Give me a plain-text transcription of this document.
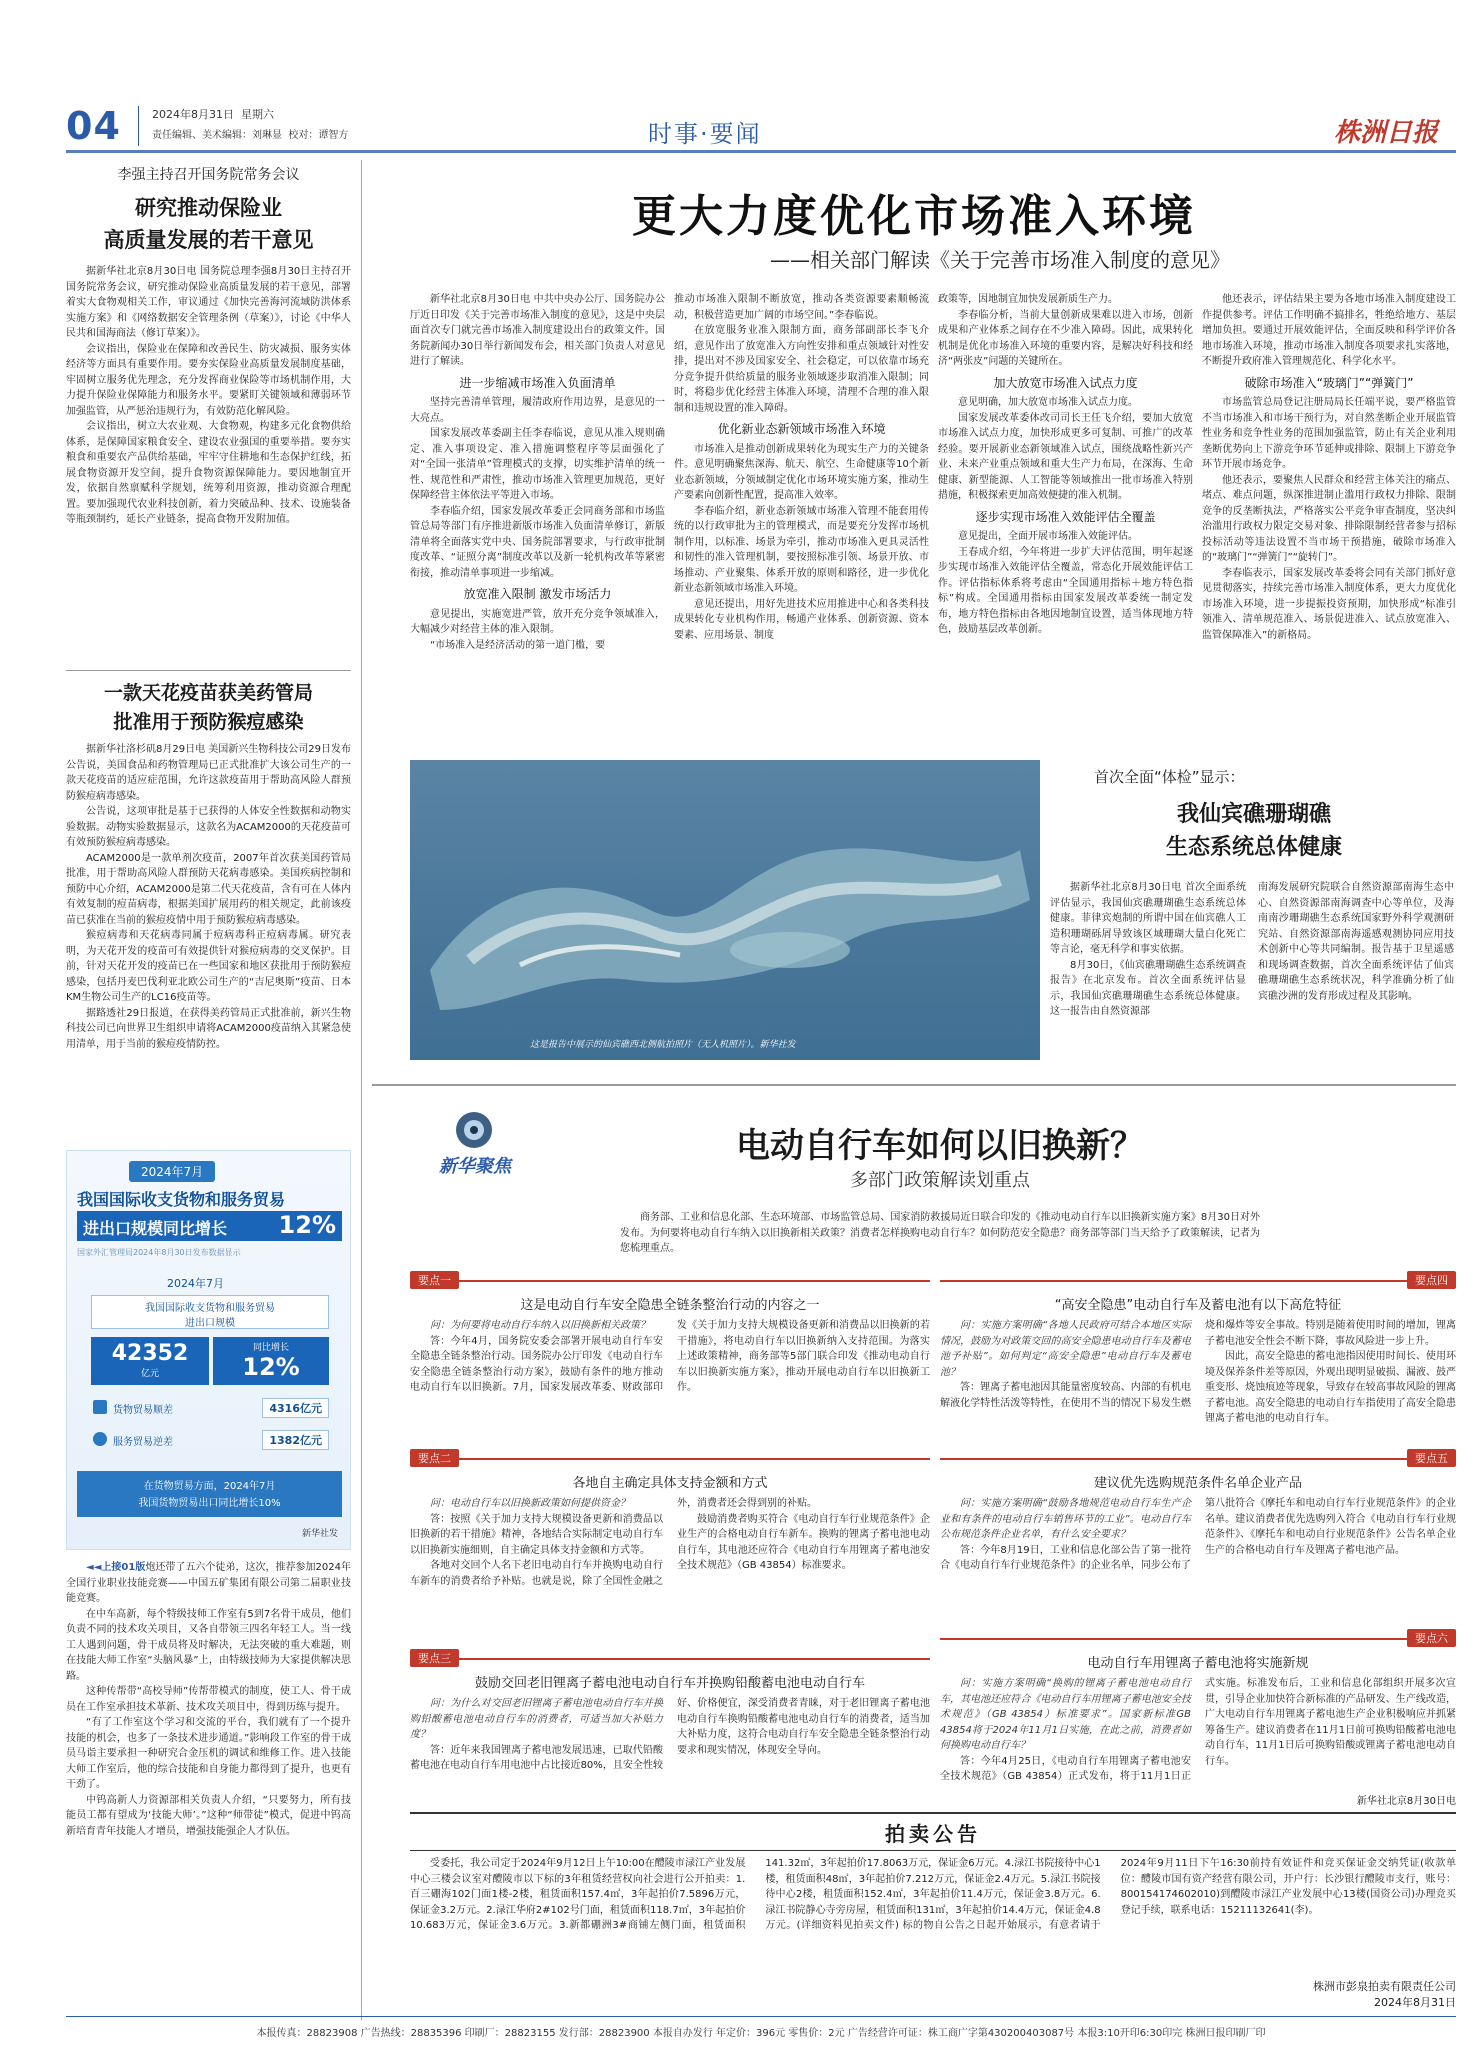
04	2024年8月31日 星期六
责任编辑、美术编辑：刘琳显 校对：谭智方	时事·要闻	株洲日报
李强主持召开国务院常务会议
研究推动保险业
高质量发展的若干意见

据新华社北京8月30日电 国务院总理李强8月30日主持召开国务院常务会议，研究推动保险业高质量发展的若干意见，部署着实大食物观相关工作，审议通过《加快完善海河流域防洪体系实施方案》和《网络数据安全管理条例（草案）》，讨论《中华人民共和国海商法（修订草案）》。

会议指出，保险业在保障和改善民生、防灾减损、服务实体经济等方面具有重要作用。要夯实保险业高质量发展制度基础，牢固树立服务优先理念，充分发挥商业保险等市场机制作用，大力提升保险业保障能力和服务水平。要紧盯关键领域和薄弱环节加强监管，从严惩治违规行为，有效防范化解风险。

会议指出，树立大农业观、大食物观，构建多元化食物供给体系，是保障国家粮食安全、建设农业强国的重要举措。要夯实粮食和重要农产品供给基础，牢牢守住耕地和生态保护红线，拓展食物资源开发空间，提升食物资源保障能力。要因地制宜开发，依据自然禀赋科学规划，统筹利用资源，推动资源合理配置。要加强现代农业科技创新，着力突破品种、技术、设施装备等瓶颈制约，延长产业链条，提高食物开发附加值。

一款天花疫苗获美药管局
批准用于预防猴痘感染

据新华社洛杉矶8月29日电 美国新兴生物科技公司29日发布公告说，美国食品和药物管理局已正式批准扩大该公司生产的一款天花疫苗的适应症范围，允许这款疫苗用于帮助高风险人群预防猴痘病毒感染。

公告说，这项审批是基于已获得的人体安全性数据和动物实验数据。动物实验数据显示，这款名为ACAM2000的天花疫苗可有效预防猴痘病毒感染。

ACAM2000是一款单剂次疫苗，2007年首次获美国药管局批准，用于帮助高风险人群预防天花病毒感染。美国疾病控制和预防中心介绍，ACAM2000是第二代天花疫苗，含有可在人体内有效复制的痘苗病毒，根据美国扩展用药的相关规定，此前该疫苗已获准在当前的猴痘疫情中用于预防猴痘病毒感染。

猴痘病毒和天花病毒同属于痘病毒科正痘病毒属。研究表明，为天花开发的疫苗可有效提供针对猴痘病毒的交叉保护。目前，针对天花开发的疫苗已在一些国家和地区获批用于预防猴痘感染，包括丹麦巴伐利亚北欧公司生产的“吉尼奥斯”疫苗、日本KM生物公司生产的LC16疫苗等。

据路透社29日报道，在获得美药管局正式批准前，新兴生物科技公司已向世界卫生组织申请将ACAM2000疫苗纳入其紧急使用清单，用于当前的猴痘疫情防控。

2024年7月
我国国际收支货物和服务贸易
进出口规模同比增长 12%
国家外汇管理局2024年8月30日发布数据显示
2024年7月
我国国际收支货物和服务贸易
进出口规模
42352
亿元
同比增长
12%
货物贸易顺差	4316亿元
服务贸易逆差	1382亿元
在货物贸易方面，2024年7月
我国货物贸易出口同比增长10%
新华社发

◄◄上接01版炮还带了五六个徒弟，这次，推荐参加2024年全国行业职业技能竞赛——中国五矿集团有限公司第二届职业技能竞赛。

在中车高新，每个特级技师工作室有5到7名骨干成员，他们负责不同的技术攻关项目，又各自带领三四名年轻工人。当一线工人遇到问题，骨干成员将及时解决，无法突破的重大难题，则在技能大师工作室“头脑风暴”上，由特级技师为大家提供解决思路。

这种传帮带“高校导师”传帮带模式的制度，使工人、骨干成员在工作室承担技术革新、技术攻关项目中，得到历练与提升。

“有了工作室这个学习和交流的平台，我们就有了一个提升技能的机会，也多了一条技术进步通道。”影响段工作室的骨干成员马诣主要承担一种研究合金压机的调试和维修工作。进入技能大师工作室后，他的综合技能和自身能力都得到了提升，也更有干劲了。

中钨高新人力资源部相关负责人介绍，“只要努力，所有技能员工都有望成为‘技能大师’。”这种“师带徒”模式，促进中钨高新培育青年技能人才增员，增强技能强企人才队伍。

更大力度优化市场准入环境
——相关部门解读《关于完善市场准入制度的意见》

新华社北京8月30日电 中共中央办公厅、国务院办公厅近日印发《关于完善市场准入制度的意见》，这是中央层面首次专门就完善市场准入制度建设出台的政策文件。国务院新闻办30日举行新闻发布会，相关部门负责人对意见进行了解读。

进一步缩减市场准入负面清单

坚持完善清单管理，履清政府作用边界，是意见的一大亮点。

国家发展改革委副主任李春临说，意见从准入规则确定、准入事项设定、准入措施调整程序等层面强化了对“全国一张清单”管理模式的支撑，切实维护清单的统一性、规范性和严肃性，推动市场准入管理更加规范，更好保障经营主体依法平等进入市场。

李春临介绍，国家发展改革委正会同商务部和市场监管总局等部门有序推进新版市场准入负面清单修订，新版清单将全面落实党中央、国务院部署要求，与行政审批制度改革、“证照分离”制度改革以及新一轮机构改革等紧密衔接，推动清单事项进一步缩减。

放宽准入限制 激发市场活力

意见提出，实施宽进严管，放开充分竞争领域准入，大幅减少对经营主体的准入限制。

“市场准入是经济活动的第一道门槛，要

推动市场准入限制不断放宽，推动各类资源要素顺畅流动，积极营造更加广阔的市场空间。”李春临说。

在放宽服务业准入限制方面，商务部副部长李飞介绍，意见作出了放宽准入方向性安排和重点领域针对性安排，提出对不涉及国家安全、社会稳定，可以依靠市场充分竞争提升供给质量的服务业领域逐步取消准入限制；同时，将稳步优化经营主体准入环境，清理不合理的准入限制和违规设置的准入障碍。

优化新业态新领域市场准入环境

市场准入是推动创新成果转化为现实生产力的关键条件。意见明确聚焦深海、航天、航空、生命健康等10个新业态新领域，分领域制定优化市场环境实施方案，推动生产要素向创新性配置，提高准入效率。

李春临介绍，新业态新领域市场准入管理不能套用传统的以行政审批为主的管理模式，而是要充分发挥市场机制作用，以标准、场景为牵引，推动市场准入更具灵活性和韧性的准入管理机制，要按照标准引领、场景开放、市场推动、产业聚集、体系开放的原则和路径，进一步优化新业态新领域市场准入环境。

意见还提出，用好先进技术应用推进中心和各类科技成果转化专业机构作用，畅通产业体系、创新资源、资本要素、应用场景、制度

政策等，因地制宜加快发展新质生产力。

李春临分析，当前大量创新成果难以进入市场，创新成果和产业体系之间存在不少准入障碍。因此，成果转化机制是优化市场准入环境的重要内容，是解决好科技和经济“两张皮”问题的关键所在。

加大放宽市场准入试点力度

意见明确，加大放宽市场准入试点力度。

国家发展改革委体改司司长王任飞介绍，要加大放宽市场准入试点力度，加快形成更多可复制、可推广的改革经验。要开展新业态新领域准入试点，围绕战略性新兴产业、未来产业重点领域和重大生产力布局，在深海、生命健康、新型能源、人工智能等领域推出一批市场准入特别措施，积极探索更加高效便捷的准入机制。

逐步实现市场准入效能评估全覆盖

意见提出，全面开展市场准入效能评估。

王春成介绍，今年将进一步扩大评估范围，明年起逐步实现市场准入效能评估全覆盖，常态化开展效能评估工作。评估指标体系将考虑由“全国通用指标＋地方特色指标”构成。全国通用指标由国家发展改革委统一制定发布，地方特色指标由各地因地制宜设置，适当体现地方特色，鼓励基层改革创新。

他还表示，评估结果主要为各地市场准入制度建设工作提供参考。评估工作明确不搞排名，牲绝给地方、基层增加负担。要通过开展效能评估，全面反映和科学评价各地市场准入环境，推动市场准入制度各项要求扎实落地，不断提升政府准入管理规范化、科学化水平。

破除市场准入“玻璃门”“弹簧门”

市场监管总局登记注册局局长任端平说，要严格监管不当市场准入和市场干预行为，对自然垄断企业开展监管性业务和竞争性业务的范围加强监管，防止有关企业利用垄断优势向上下游竞争环节延伸或排除、限制上下游竞争环节开展市场竞争。

他还表示，要聚焦人民群众和经营主体关注的痛点、堵点、难点问题，纵深推进制止滥用行政权力排除、限制竞争的反垄断执法，严格落实公平竞争审查制度，坚决纠治滥用行政权力限定交易对象、排除限制经营者参与招标投标活动等违法设置不当市场干预措施，破除市场准入的“玻璃门”“弹簧门”“旋转门”。

李春临表示，国家发展改革委将会同有关部门抓好意见贯彻落实，持续完善市场准入制度体系，更大力度优化市场准入环境，进一步提振投资预期，加快形成“标准引领准入、清单规范准入、场景促进准入、试点放宽准入、监管保障准入”的新格局。

这是报告中展示的仙宾礁西北侧航拍照片（无人机照片）。新华社发
首次全面“体检”显示：
我仙宾礁珊瑚礁
生态系统总体健康

据新华社北京8月30日电 首次全面系统评估显示，我国仙宾礁珊瑚礁生态系统总体健康。菲律宾炮制的所谓中国在仙宾礁人工造积珊瑚砾屑导致该区域珊瑚大量白化死亡等言论，毫无科学和事实依据。

8月30日，《仙宾礁珊瑚礁生态系统调查报告》在北京发布。首次全面系统评估显示，我国仙宾礁珊瑚礁生态系统总体健康。这一报告由自然资源部

南海发展研究院联合自然资源部南海生态中心、自然资源部南海调查中心等单位，及海南南沙珊瑚礁生态系统国家野外科学观测研究站、自然资源部南海遥感观测协同应用技术创新中心等共同编制。报告基于卫星遥感和现场调查数据，首次全面系统评估了仙宾礁珊瑚礁生态系统状况，科学准确分析了仙宾礁沙洲的发育形成过程及其影响。

新华聚焦
电动自行车如何以旧换新？
多部门政策解读划重点
商务部、工业和信息化部、生态环境部、市场监管总局、国家消防救援局近日联合印发的《推动电动自行车以旧换新实施方案》8月30日对外发布。为何要将电动自行车纳入以旧换新相关政策？消费者怎样换购电动自行车？如何防范安全隐患？商务部等部门当天给予了政策解读，记者为您梳理重点。
要点一
这是电动自行车安全隐患全链条整治行动的内容之一

问：为何要将电动自行车纳入以旧换新相关政策？

答：今年4月，国务院安委会部署开展电动自行车安全隐患全链条整治行动。国务院办公厅印发《电动自行车安全隐患全链条整治行动方案》，鼓励有条件的地方推动电动自行车以旧换新。7月，国家发展改革委、财政部印发《关于加力支持大规模设备更新和消费品以旧换新的若干措施》，将电动自行车以旧换新纳入支持范围。为落实上述政策精神，商务部等5部门联合印发《推动电动自行车以旧换新实施方案》，推动开展电动自行车以旧换新工作。

要点二
各地自主确定具体支持金额和方式

问：电动自行车以旧换新政策如何提供资金？

答：按照《关于加力支持大规模设备更新和消费品以旧换新的若干措施》精神，各地结合实际制定电动自行车以旧换新实施细则，自主确定具体支持金额和方式等。

各地对交回个人名下老旧电动自行车并换购电动自行车新车的消费者给予补贴。也就是说，除了全国性金融之外，消费者还会得到别的补贴。

鼓励消费者购买符合《电动自行车行业规范条件》企业生产的合格电动自行车新车。换购的锂离子蓄电池电动自行车，其电池还应符合《电动自行车用锂离子蓄电池安全技术规范》（GB 43854）标准要求。

要点三
鼓励交回老旧锂离子蓄电池电动自行车并换购铅酸蓄电池电动自行车

问：为什么对交回老旧锂离子蓄电池电动自行车并换购铅酸蓄电池电动自行车的消费者，可适当加大补贴力度？

答：近年来我国锂离子蓄电池发展迅速，已取代铅酸蓄电池在电动自行车用电池中占比接近80%，且安全性较好、价格便宜，深受消费者青睐，对于老旧锂离子蓄电池电动自行车换购铅酸蓄电池电动自行车的消费者，适当加大补贴力度，这符合电动自行车安全隐患全链条整治行动要求和现实情况，体现安全导向。

要点四
“高安全隐患”电动自行车及蓄电池有以下高危特征

问：实施方案明确“各地人民政府可结合本地区实际情况，鼓励为对政策交回的高安全隐患电动自行车及蓄电池予补贴”。如何判定“高安全隐患”电动自行车及蓄电池？

答：锂离子蓄电池因其能量密度较高、内部的有机电解液化学特性活泼等特性，在使用不当的情况下易发生燃烧和爆炸等安全事故。特别是随着使用时间的增加，锂离子蓄电池安全性会不断下降，事故风险进一步上升。

因此，高安全隐患的蓄电池指因使用时间长、使用环境及保养条件差等原因，外观出现明显破损、漏液、鼓严重变形、烧蚀痕迹等现象，导致存在较高事故风险的锂离子蓄电池。高安全隐患的电动自行车指使用了高安全隐患锂离子蓄电池的电动自行车。

要点五
建议优先选购规范条件名单企业产品

问：实施方案明确“鼓励各地规范电动自行车生产企业和有条件的电动自行车销售环节的工业”。电动自行车公布规范条件企业名单，有什么安全要求？

答：今年8月19日，工业和信息化部公告了第一批符合《电动自行车行业规范条件》的企业名单，同步公布了第八批符合《摩托车和电动自行车行业规范条件》的企业名单。建议消费者优先选购列入符合《电动自行车行业规范条件》、《摩托车和电动自行业规范条件》公告名单企业生产的合格电动自行车及锂离子蓄电池产品。

要点六
电动自行车用锂离子蓄电池将实施新规

问：实施方案明确“换购的锂离子蓄电池电动自行车，其电池还应符合《电动自行车用锂离子蓄电池安全技术规范》（GB 43854）标准要求”。国家新标准GB 43854将于2024年11月1日实施，在此之前，消费者如何换购电动自行车？

答：今年4月25日，《电动自行车用锂离子蓄电池安全技术规范》（GB 43854）正式发布，将于11月1日正式实施。标准发布后，工业和信息化部组织开展多次宣贯，引导企业加快符合新标准的产品研发、生产线改造，广大电动自行车用锂离子蓄电池生产企业积极响应并抓紧筹备生产。建议消费者在11月1日前可换购铅酸蓄电池电动自行车，11月1日后可换购铅酸或锂离子蓄电池电动自行车。

新华社北京8月30日电
拍卖公告

受委托，我公司定于2024年9月12日上午10:00在醴陵市渌江产业发展中心三楼会议室对醴陵市以下标的3年租赁经营权向社会进行公开拍卖：1.百三硼海102门面1楼-2楼，租赁面积157.4㎡，3年起拍价7.5896万元，保证金3.2万元。2.渌江华府2#102号门面，租赁面积118.7㎡，3年起拍价10.683万元，保证金3.6万元。3.新都硼洲3#商铺左侧门面，租赁面积141.32㎡，3年起拍价17.8063万元，保证金6万元。4.渌江书院接待中心1楼，租赁面积48㎡，3年起拍价7.212万元，保证金2.4万元。5.渌江书院接待中心2楼，租赁面积152.4㎡，3年起拍价11.4万元，保证金3.8万元。6.渌江书院静心寺旁房屋，租赁面积131㎡，3年起拍价14.4万元，保证金4.8万元。(详细资料见拍卖文件) 标的物自公告之日起开始展示，有意者请于2024年9月11日下午16:30前持有效证件和竞买保证金交纳凭证(收款单位：醴陵市国有资产经营有限公司，开户行：长沙银行醴陵市支行，账号：800154174602010)到醴陵市渌江产业发展中心13楼(国资公司)办理竞买登记手续，联系电话：15211132641(李)。

株洲市彭泉拍卖有限责任公司
2024年8月31日
本报传真：28823908 广告热线：28835396 印刷厂：28823155 发行部：28823900 本报自办发行 年定价：396元 零售价：2元 广告经营许可证：株工商广字第430200403087号 本报3:10开印6:30印完 株洲日报印刷厂印
